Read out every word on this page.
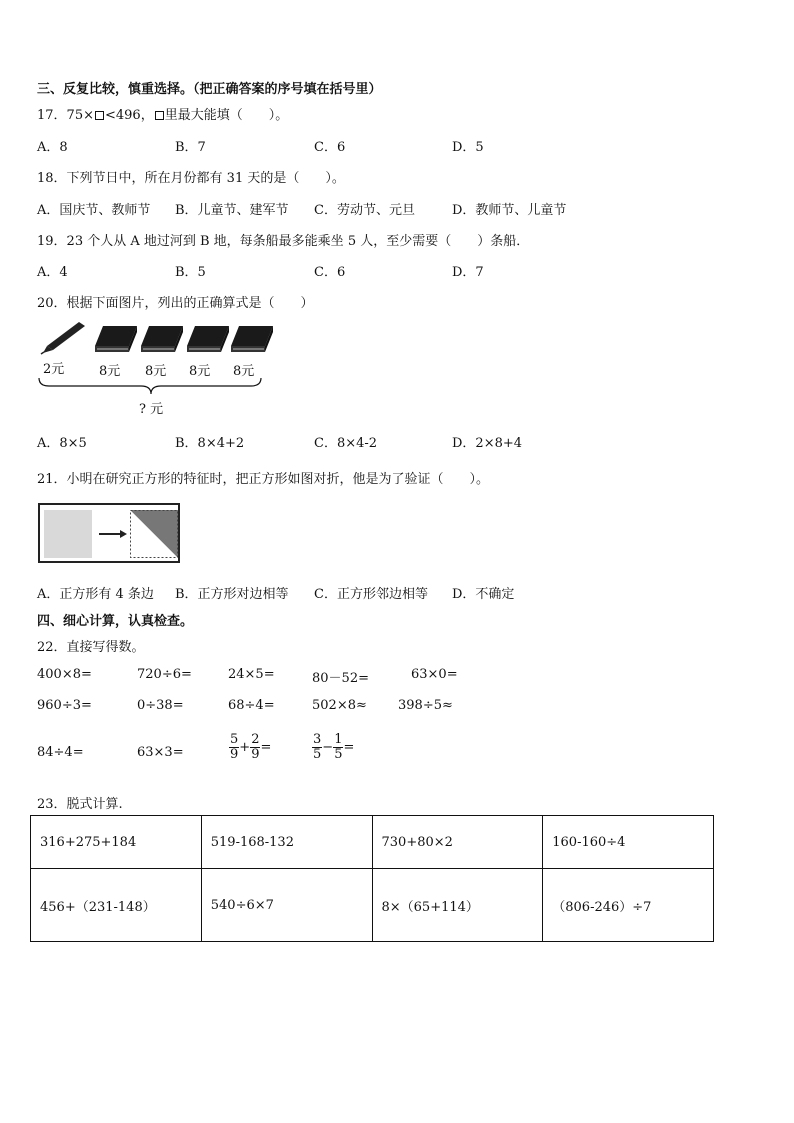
三、反复比较，慎重选择。（把正确答案的序号填在括号里）
17．75× <496， 里最大能填（　　）。
A．8	B．7	C．6	D．5
18．下列节日中，所在月份都有 31 天的是（　　）。
A．国庆节、教师节 B．儿童节、建军节 C．劳动节、元旦	D．教师节、儿童节
19．23 个人从 A 地过河到 B 地，每条船最多能乘坐 5 人，至少需要（　　）条船．
A．4	B．5	C．6	D．7
20．根据下面图片，列出的正确算式是（　　）
2元	8元 8元 8元 8元
? 元
A．8×5	B．8×4+2	C．8×4-2	D．2×8+4
21．小明在研究正方形的特征时，把正方形如图对折，他是为了验证（　　）。
A．正方形有 4 条边 B．正方形对边相等 C．正方形邻边相等 D．不确定
四、细心计算，认真检查。
22．直接写得数。
400×8=	720÷6=	24×5=	80－52=	63×0=
960÷3=	0÷38=	68÷4=	502×8≈ 398÷5≈
84÷4=	63×3=	$\frac{5}{9} + \frac{2}{9}$ =	$\frac{3}{5} - \frac{1}{5}$ =
23．脱式计算.
316+275+184	519-168-132	730+80×2	160-160÷4
456+（231-148）	540÷6×7	8×（65+114）	（806-246）÷7
